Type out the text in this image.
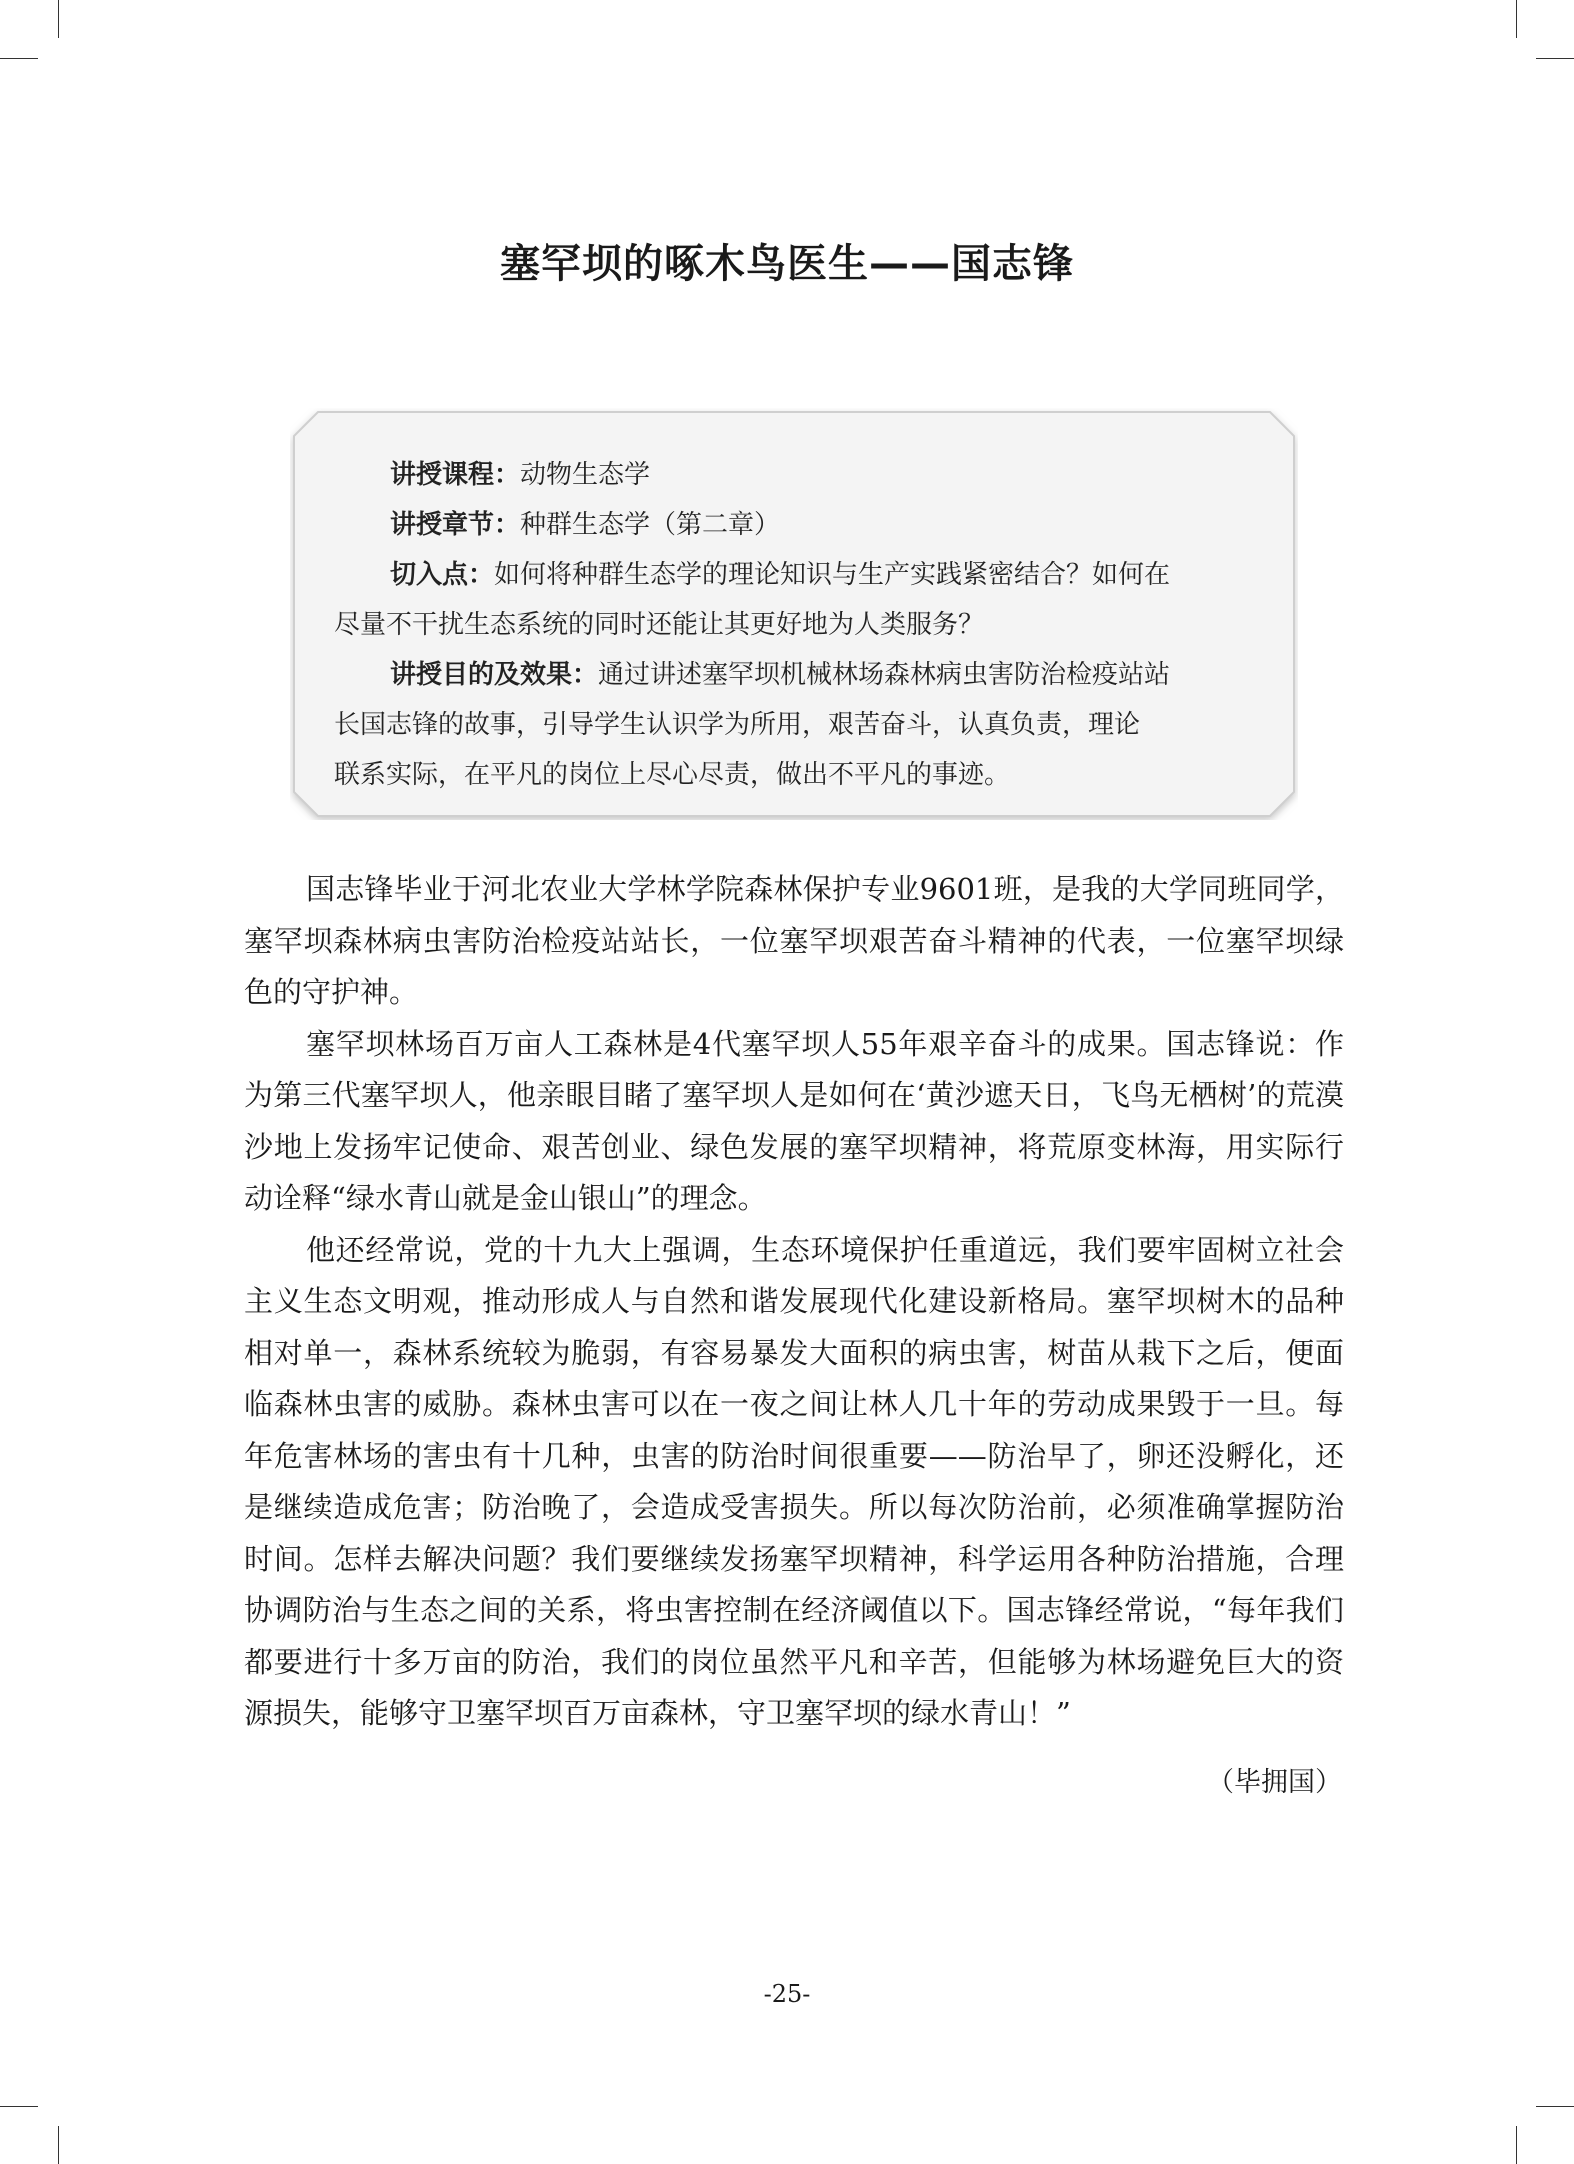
塞罕坝的啄木鸟医生——国志锋
讲授课程：动物生态学
讲授章节：种群生态学（第二章）
切入点：如何将种群生态学的理论知识与生产实践紧密结合？如何在
尽量不干扰生态系统的同时还能让其更好地为人类服务？
讲授目的及效果：通过讲述塞罕坝机械林场森林病虫害防治检疫站站
长国志锋的故事，引导学生认识学为所用，艰苦奋斗，认真负责，理论
联系实际，在平凡的岗位上尽心尽责，做出不平凡的事迹。

国志锋毕业于河北农业大学林学院森林保护专业9601班，是我的大学同班同学，塞罕坝森林病虫害防治检疫站站长，一位塞罕坝艰苦奋斗精神的代表，一位塞罕坝绿色的守护神。

塞罕坝林场百万亩人工森林是4代塞罕坝人55年艰辛奋斗的成果。国志锋说：作为第三代塞罕坝人，他亲眼目睹了塞罕坝人是如何在‘黄沙遮天日，飞鸟无栖树’的荒漠沙地上发扬牢记使命、艰苦创业、绿色发展的塞罕坝精神，将荒原变林海，用实际行动诠释“绿水青山就是金山银山”的理念。

他还经常说，党的十九大上强调，生态环境保护任重道远，我们要牢固树立社会主义生态文明观，推动形成人与自然和谐发展现代化建设新格局。塞罕坝树木的品种相对单一，森林系统较为脆弱，有容易暴发大面积的病虫害，树苗从栽下之后，便面临森林虫害的威胁。森林虫害可以在一夜之间让林人几十年的劳动成果毁于一旦。每年危害林场的害虫有十几种，虫害的防治时间很重要——防治早了，卵还没孵化，还是继续造成危害；防治晚了，会造成受害损失。所以每次防治前，必须准确掌握防治时间。怎样去解决问题？我们要继续发扬塞罕坝精神，科学运用各种防治措施，合理协调防治与生态之间的关系，将虫害控制在经济阈值以下。国志锋经常说，“每年我们都要进行十多万亩的防治，我们的岗位虽然平凡和辛苦，但能够为林场避免巨大的资源损失，能够守卫塞罕坝百万亩森林，守卫塞罕坝的绿水青山！”

（毕拥国）
-25-
